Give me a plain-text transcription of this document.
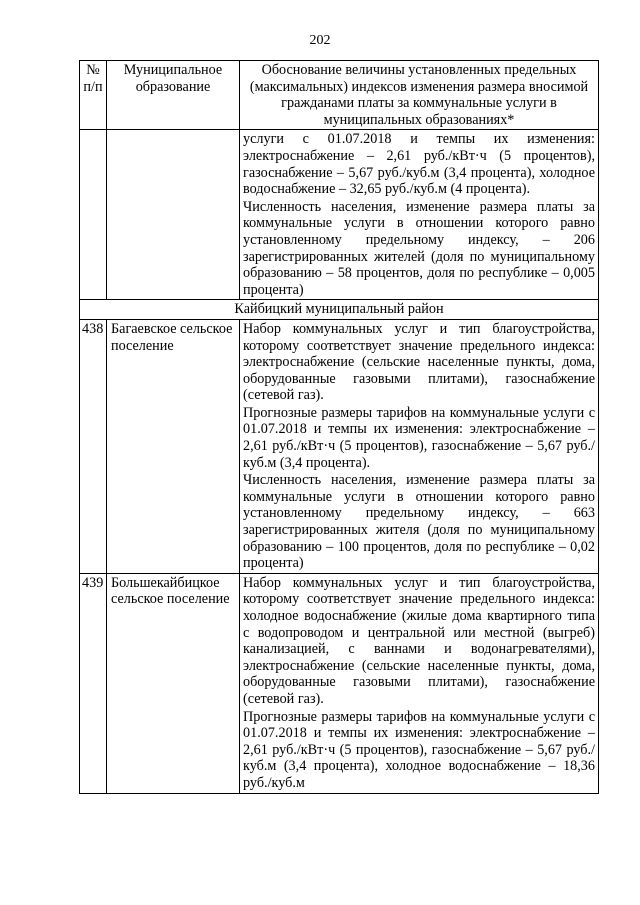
202
№ п/п	Муниципальное образование	Обоснование величины установленных предельных (максимальных) индексов изменения размера вносимой гражданами платы за коммунальные услуги в муниципальных образованиях*

		услуги с 01.07.2018 и темпы их изменения: электроснабжение – 2,61 руб./кВт·ч (5 процентов), газоснабжение – 5,67 руб./куб.м (3,4 процента), холодное водоснабжение – 32,65 руб./куб.м (4 процента).

Численность населения, изменение размера платы за коммунальные услуги в отношении которого равно установленному предельному индексу, – 206 зарегистрированных жителей (доля по муниципальному образованию – 58 процентов, доля по республике – 0,005 процента)

Кайбицкий муниципальный район		
438	Багаевское сельское поселение	Набор коммунальных услуг и тип благоустройства, которому соответствует значение предельного индекса: электроснабжение (сельские населенные пункты, дома, оборудованные газовыми плитами), газоснабжение (сетевой газ).

Прогнозные размеры тарифов на коммунальные услуги с 01.07.2018 и темпы их изменения: электроснабжение – 2,61 руб./кВт·ч (5 процентов), газоснабжение – 5,67 руб./куб.м (3,4 процента).

Численность населения, изменение размера платы за коммунальные услуги в отношении которого равно установленному предельному индексу, – 663 зарегистрированных жителя (доля по муниципальному образованию – 100 процентов, доля по республике – 0,02 процента)

439	Большекайбицкое сельское поселение	Набор коммунальных услуг и тип благоустройства, которому соответствует значение предельного индекса: холодное водоснабжение (жилые дома квартирного типа с водопроводом и центральной или местной (выгреб) канализацией, с ваннами и водонагревателями), электроснабжение (сельские населенные пункты, дома, оборудованные газовыми плитами), газоснабжение (сетевой газ).

Прогнозные размеры тарифов на коммунальные услуги с 01.07.2018 и темпы их изменения: электроснабжение – 2,61 руб./кВт·ч (5 процентов), газоснабжение – 5,67 руб./куб.м (3,4 процента), холодное водоснабжение – 18,36 руб./куб.м
